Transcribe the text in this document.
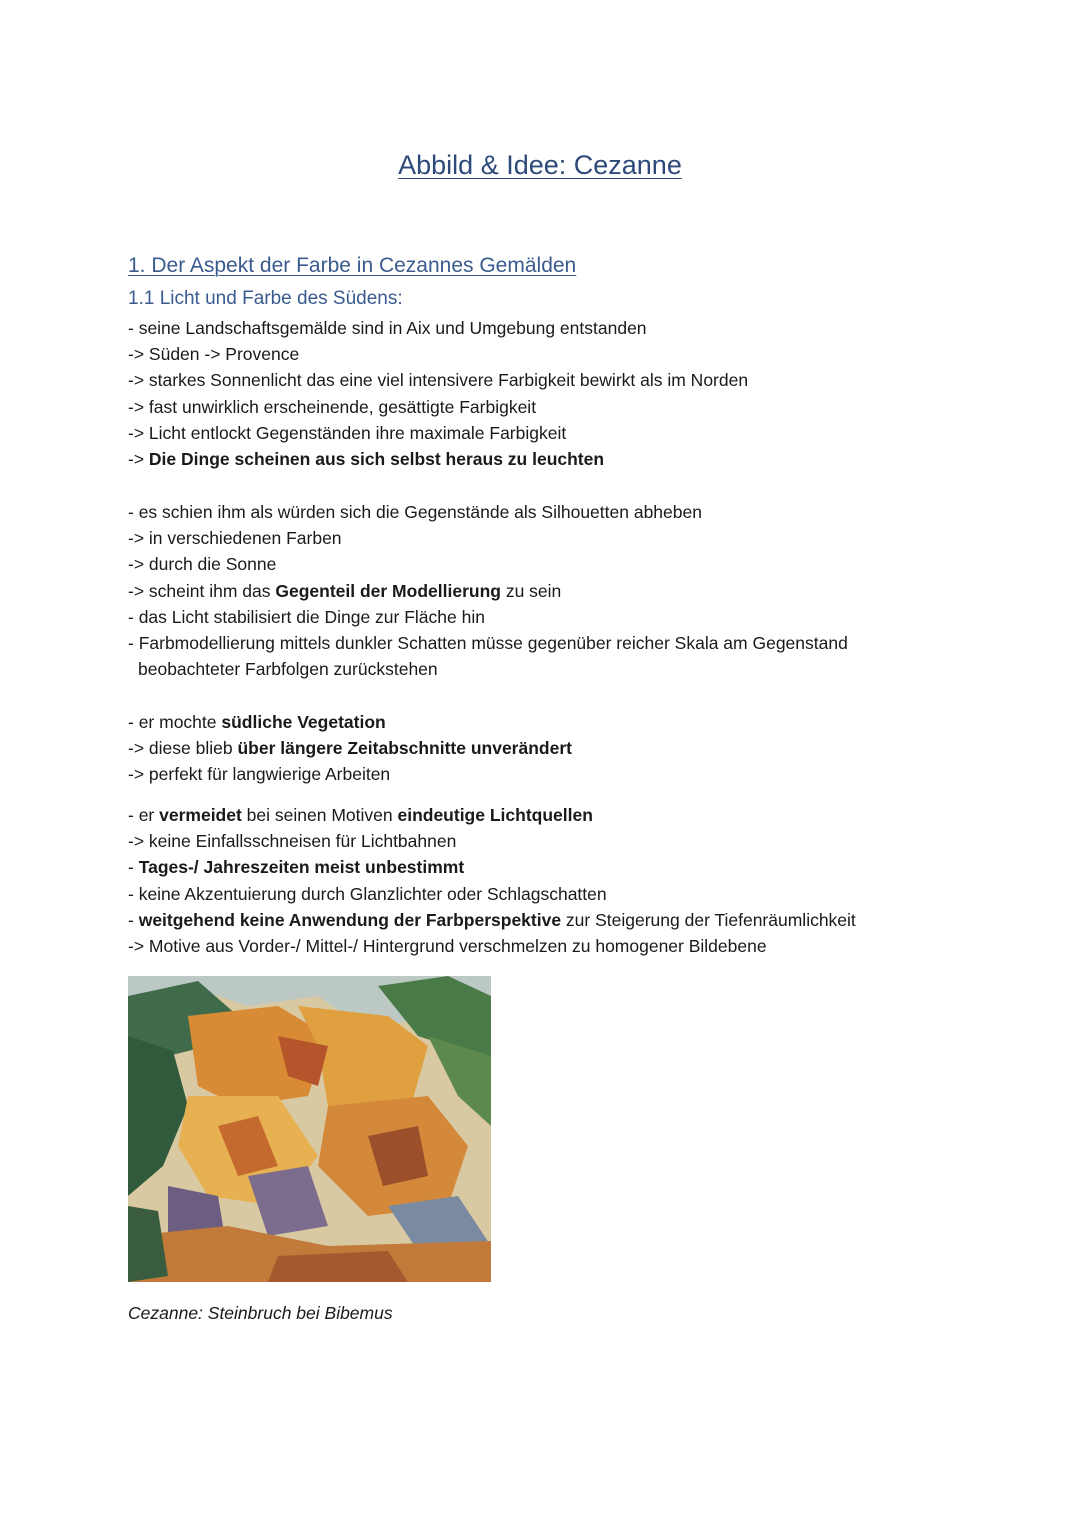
Abbild & Idee: Cezanne
1. Der Aspekt der Farbe in Cezannes Gemälden
1.1 Licht und Farbe des Südens:
- seine Landschaftsgemälde sind in Aix und Umgebung entstanden
-> Süden -> Provence
-> starkes Sonnenlicht das eine viel intensivere Farbigkeit bewirkt als im Norden
-> fast unwirklich erscheinende, gesättigte Farbigkeit
-> Licht entlockt Gegenständen ihre maximale Farbigkeit
-> Die Dinge scheinen aus sich selbst heraus zu leuchten
- es schien ihm als würden sich die Gegenstände als Silhouetten abheben
-> in verschiedenen Farben
-> durch die Sonne
-> scheint ihm das Gegenteil der Modellierung zu sein
- das Licht stabilisiert die Dinge zur Fläche hin
- Farbmodellierung mittels dunkler Schatten müsse gegenüber reicher Skala am Gegenstand
beobachteter Farbfolgen zurückstehen
- er mochte südliche Vegetation
-> diese blieb über längere Zeitabschnitte unverändert
-> perfekt für langwierige Arbeiten
- er vermeidet bei seinen Motiven eindeutige Lichtquellen
-> keine Einfallsschneisen für Lichtbahnen
- Tages-/ Jahreszeiten meist unbestimmt
- keine Akzentuierung durch Glanzlichter oder Schlagschatten
- weitgehend keine Anwendung der Farbperspektive zur Steigerung der Tiefenräumlichkeit
-> Motive aus Vorder-/ Mittel-/ Hintergrund verschmelzen zu homogener Bildebene
Cezanne: Steinbruch bei Bibemus
